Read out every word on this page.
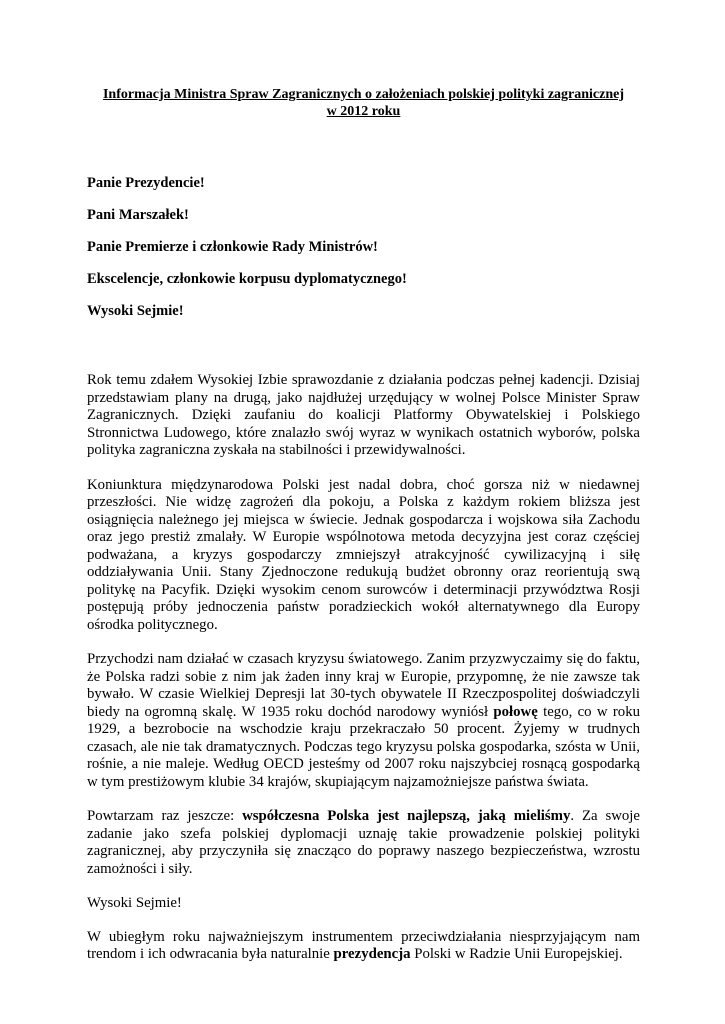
Informacja Ministra Spraw Zagranicznych o założeniach polskiej polityki zagranicznej
w 2012 roku

Panie Prezydencie!

Pani Marszałek!

Panie Premierze i członkowie Rady Ministrów!

Ekscelencje, członkowie korpusu dyplomatycznego!

Wysoki Sejmie!

Rok temu zdałem Wysokiej Izbie sprawozdanie z działania podczas pełnej kadencji. Dzisiaj przedstawiam plany na drugą, jako najdłużej urzędujący w wolnej Polsce Minister Spraw Zagranicznych. Dzięki zaufaniu do koalicji Platformy Obywatelskiej i Polskiego Stronnictwa Ludowego, które znalazło swój wyraz w wynikach ostatnich wyborów, polska polityka zagraniczna zyskała na stabilności i przewidywalności.

Koniunktura międzynarodowa Polski jest nadal dobra, choć gorsza niż w niedawnej przeszłości. Nie widzę zagrożeń dla pokoju, a Polska z każdym rokiem bliższa jest osiągnięcia należnego jej miejsca w świecie. Jednak gospodarcza i wojskowa siła Zachodu oraz jego prestiż zmalały. W Europie wspólnotowa metoda decyzyjna jest coraz częściej podważana, a kryzys gospodarczy zmniejszył atrakcyjność cywilizacyjną i siłę oddziaływania Unii. Stany Zjednoczone redukują budżet obronny oraz reorientują swą politykę na Pacyfik. Dzięki wysokim cenom surowców i determinacji przywództwa Rosji postępują próby jednoczenia państw poradzieckich wokół alternatywnego dla Europy ośrodka politycznego.

Przychodzi nam działać w czasach kryzysu światowego. Zanim przyzwyczaimy się do faktu, że Polska radzi sobie z nim jak żaden inny kraj w Europie, przypomnę, że nie zawsze tak bywało. W czasie Wielkiej Depresji lat 30-tych obywatele II Rzeczpospolitej doświadczyli biedy na ogromną skalę. W 1935 roku dochód narodowy wyniósł połowę tego, co w roku 1929, a bezrobocie na wschodzie kraju przekraczało 50 procent. Żyjemy w trudnych czasach, ale nie tak dramatycznych. Podczas tego kryzysu polska gospodarka, szósta w Unii, rośnie, a nie maleje. Według OECD jesteśmy od 2007 roku najszybciej rosnącą gospodarką w tym prestiżowym klubie 34 krajów, skupiającym najzamożniejsze państwa świata.

Powtarzam raz jeszcze: współczesna Polska jest najlepszą, jaką mieliśmy. Za swoje zadanie jako szefa polskiej dyplomacji uznaję takie prowadzenie polskiej polityki zagranicznej, aby przyczyniła się znacząco do poprawy naszego bezpieczeństwa, wzrostu zamożności i siły.

Wysoki Sejmie!

W ubiegłym roku najważniejszym instrumentem przeciwdziałania niesprzyjającym nam trendom i ich odwracania była naturalnie prezydencja Polski w Radzie Unii Europejskiej.
